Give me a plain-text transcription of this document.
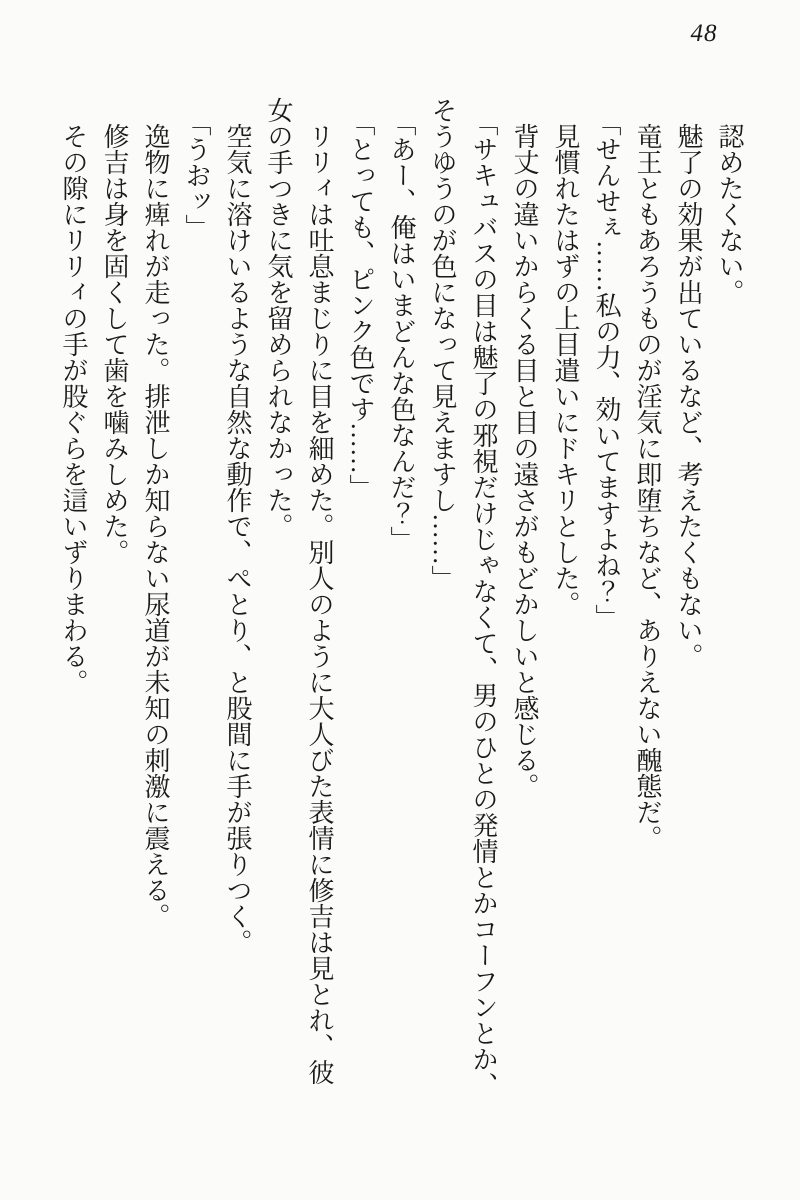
48

認めたくない。

魅了の効果が出ているなど、考えたくもない。

竜王ともあろうものが淫気に即堕ちなど、ありえない醜態だ。

「せんせぇ……私の力、効いてますよね？」

見慣れたはずの上目遣いにドキリとした。

背丈の違いからくる目と目の遠さがもどかしいと感じる。

「サキュバスの目は魅了の邪視だけじゃなくて、男のひとの発情とかコーフンとか、

そうゆうのが色になって見えますし……」

「あー、俺はいまどんな色なんだ？」

「とっても、ピンク色です……」

リリィは吐息まじりに目を細めた。別人のように大人びた表情に修吉は見とれ、彼

女の手つきに気を留められなかった。

空気に溶けいるような自然な動作で、ぺとり、と股間に手が張りつく。

「うおッ」

逸物に痺れが走った。排泄しか知らない尿道が未知の刺激に震える。

修吉は身を固くして歯を噛みしめた。

その隙にリリィの手が股ぐらを這いずりまわる。
